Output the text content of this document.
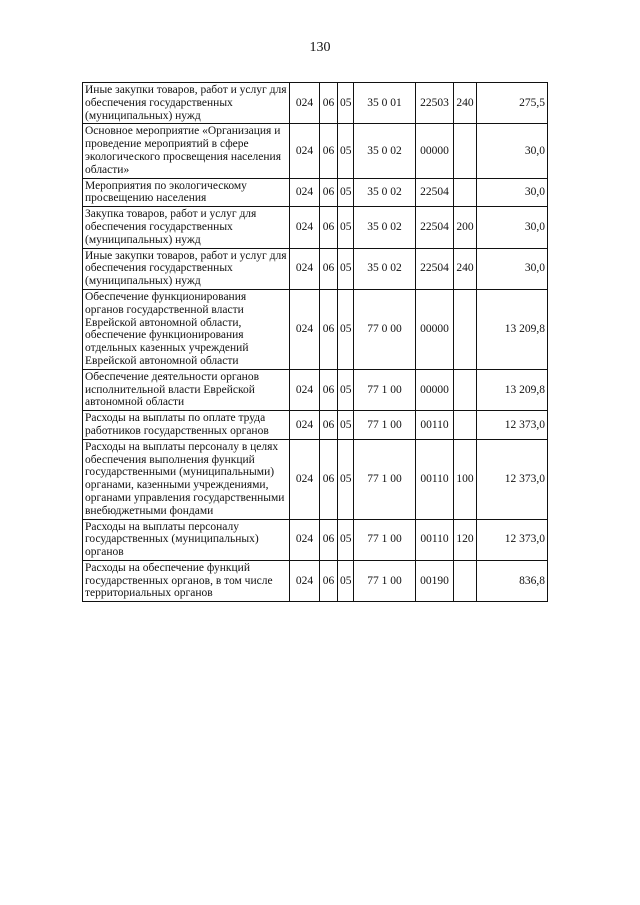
130
Иные закупки товаров, работ и услуг для обеспечения государственных (муниципальных) нужд	024	06	05	35 0 01	22503	240	275,5
Основное мероприятие «Организация и проведение мероприятий в сфере экологического просвещения населения области»	024	06	05	35 0 02	00000		30,0
Мероприятия по экологическому просвещению населения	024	06	05	35 0 02	22504		30,0
Закупка товаров, работ и услуг для обеспечения государственных (муниципальных) нужд	024	06	05	35 0 02	22504	200	30,0
Иные закупки товаров, работ и услуг для обеспечения государственных (муниципальных) нужд	024	06	05	35 0 02	22504	240	30,0
Обеспечение функционирования органов государственной власти Еврейской автономной области, обеспечение функционирования отдельных казенных учреждений Еврейской автономной области	024	06	05	77 0 00	00000		13 209,8
Обеспечение деятельности органов исполнительной власти Еврейской автономной области	024	06	05	77 1 00	00000		13 209,8
Расходы на выплаты по оплате труда работников государственных органов	024	06	05	77 1 00	00110		12 373,0
Расходы на выплаты персоналу в целях обеспечения выполнения функций государственными (муниципальными) органами, казенными учреждениями, органами управления государственными внебюджетными фондами	024	06	05	77 1 00	00110	100	12 373,0
Расходы на выплаты персоналу государственных (муниципальных) органов	024	06	05	77 1 00	00110	120	12 373,0
Расходы на обеспечение функций государственных органов, в том числе территориальных органов	024	06	05	77 1 00	00190		836,8
